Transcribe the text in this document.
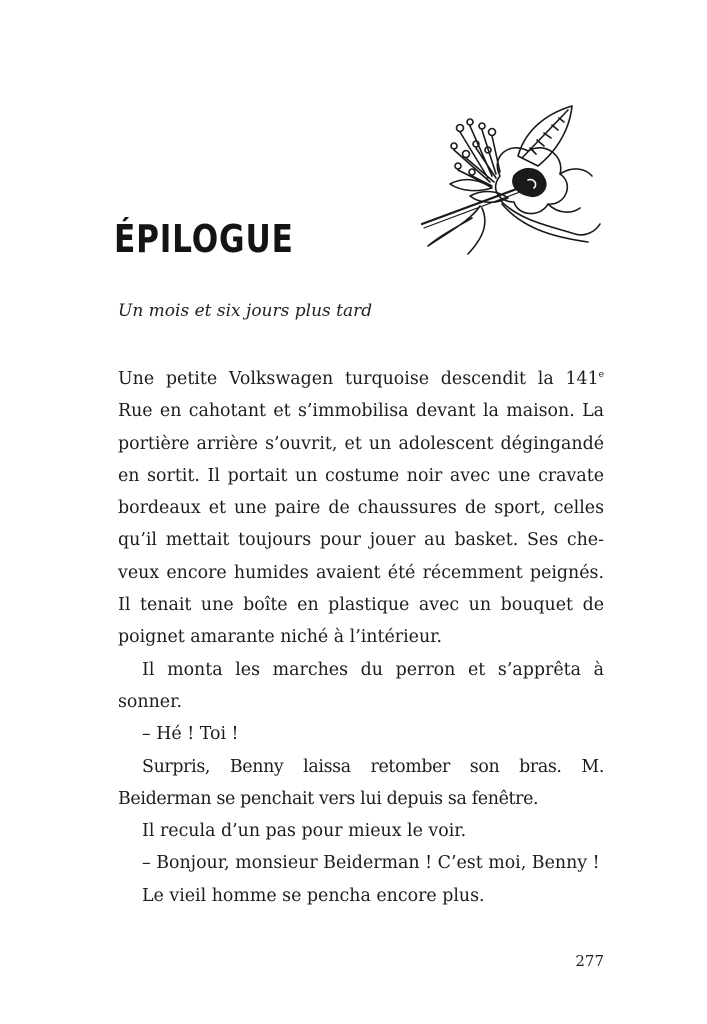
ÉPILOGUE

Un mois et six jours plus tard

Une petite Volkswagen turquoise descendit la 141e Rue en cahotant et s’immobilisa devant la maison. La portière arrière s’ouvrit, et un adolescent dégingandé en sortit. Il portait un costume noir avec une cravate bordeaux et une paire de chaussures de sport, celles qu’il mettait toujours pour jouer au basket. Ses cheveux encore humides avaient été récemment peignés. Il tenait une boîte en plastique avec un bouquet de poignet amarante niché à l’intérieur.

Il monta les marches du perron et s’apprêta à sonner.

– Hé ! Toi !

Surpris, Benny laissa retomber son bras. M. Beiderman se penchait vers lui depuis sa fenêtre.

Il recula d’un pas pour mieux le voir.

– Bonjour, monsieur Beiderman ! C’est moi, Benny !

Le vieil homme se pencha encore plus.

277
